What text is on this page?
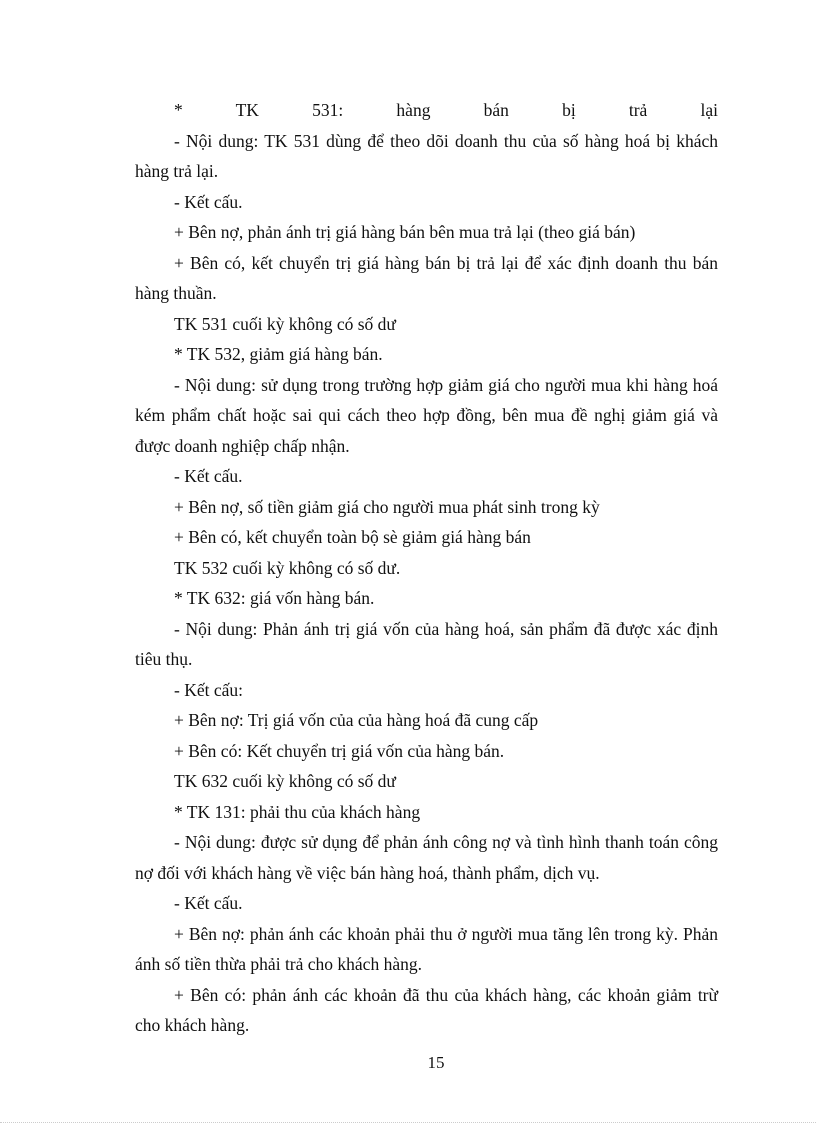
* TK 531: hàng bán bị trả lại

- Nội dung: TK 531 dùng để theo dõi doanh thu của số hàng hoá bị khách hàng trả lại.

- Kết cấu.

+ Bên nợ, phản ánh trị giá hàng bán bên mua trả lại (theo giá bán)

+ Bên có, kết chuyển trị giá hàng bán bị trả lại để xác định doanh thu bán hàng thuần.

TK 531 cuối kỳ không có số dư

* TK 532, giảm giá hàng bán.

- Nội dung: sử dụng trong trường hợp giảm giá cho người mua khi hàng hoá kém phẩm chất hoặc sai qui cách theo hợp đồng, bên mua đề nghị giảm giá và được doanh nghiệp chấp nhận.

- Kết cấu.

+ Bên nợ, số tiền giảm giá cho người mua phát sinh trong kỳ

+ Bên có, kết chuyển toàn bộ sè giảm giá hàng bán

TK 532 cuối kỳ không có số dư.

* TK 632: giá vốn hàng bán.

- Nội dung: Phản ánh trị giá vốn của hàng hoá, sản phẩm đã được xác định tiêu thụ.

- Kết cấu:

+ Bên nợ: Trị giá vốn của của hàng hoá đã cung cấp

+ Bên có: Kết chuyển trị giá vốn của hàng bán.

TK 632 cuối kỳ không có số dư

* TK 131: phải thu của khách hàng

- Nội dung: được sử dụng để phản ánh công nợ và tình hình thanh toán công nợ đối với khách hàng về việc bán hàng hoá, thành phẩm, dịch vụ.

- Kết cấu.

+ Bên nợ: phản ánh các khoản phải thu ở người mua tăng lên trong kỳ. Phản ánh số tiền thừa phải trả cho khách hàng.

+ Bên có: phản ánh các khoản đã thu của khách hàng, các khoản giảm trừ cho khách hàng.

15
